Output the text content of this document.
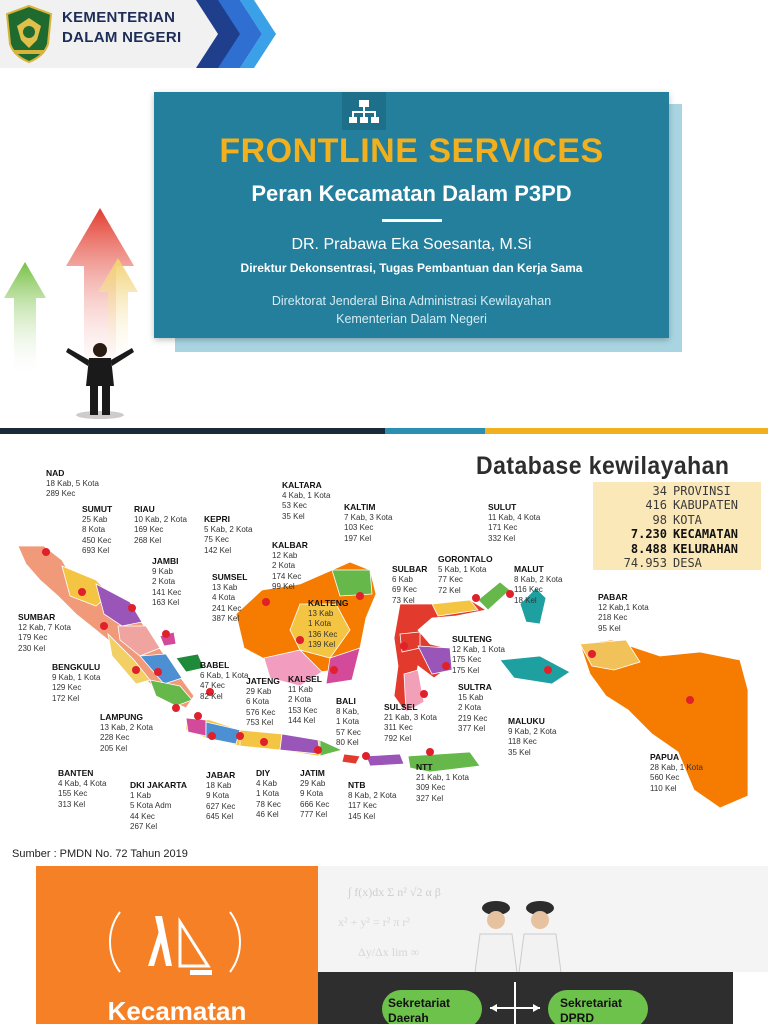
KEMENTERIAN
DALAM NEGERI
FRONTLINE SERVICES
Peran Kecamatan Dalam P3PD
DR. Prabawa Eka Soesanta, M.Si
Direktur Dekonsentrasi, Tugas Pembantuan dan Kerja Sama
Direktorat Jenderal Bina Administrasi Kewilayahan
Kementerian Dalam Negeri
Database kewilayahan
34 PROVINSI
416 KABUPATEN
98 KOTA
7.230 KECAMATAN
8.488 KELURAHAN
74.953 DESA
NAD
18 Kab, 5 Kota
289 Kec
SUMUT
25 Kab
8 Kota
450 Kec
693 Kel
RIAU
10 Kab, 2 Kota
169 Kec
268 Kel
KEPRI
5 Kab, 2 Kota
75 Kec
142 Kel
JAMBI
9 Kab
2 Kota
141 Kec
163 Kel
SUMSEL
13 Kab
4 Kota
241 Kec
387 Kel
SUMBAR
12 Kab, 7 Kota
179 Kec
230 Kel
BENGKULU
9 Kab, 1 Kota
129 Kec
172 Kel
BABEL
6 Kab, 1 Kota
47 Kec
82 Kel
LAMPUNG
13 Kab, 2 Kota
228 Kec
205 Kel
BANTEN
4 Kab, 4 Kota
155 Kec
313 Kel
DKI JAKARTA
1 Kab
5 Kota Adm
44 Kec
267 Kel
JABAR
18 Kab
9 Kota
627 Kec
645 Kel
DIY
4 Kab
1 Kota
78 Kec
46 Kel
JATENG
29 Kab
6 Kota
576 Kec
753 Kel
JATIM
29 Kab
9 Kota
666 Kec
777 Kel
KALBAR
12 Kab
2 Kota
174 Kec
99 Kel
KALTARA
4 Kab, 1 Kota
53 Kec
35 Kel
KALTIM
7 Kab, 3 Kota
103 Kec
197 Kel
KALTENG
13 Kab
1 Kota
136 Kec
139 Kel
KALSEL
11 Kab
2 Kota
153 Kec
144 Kel
BALI
8 Kab,
1 Kota
57 Kec
80 Kel
NTB
8 Kab, 2 Kota
117 Kec
145 Kel
NTT
21 Kab, 1 Kota
309 Kec
327 Kel
SULUT
11 Kab, 4 Kota
171 Kec
332 Kel
GORONTALO
5 Kab, 1 Kota
77 Kec
72 Kel
SULBAR
6 Kab
69 Kec
73 Kel
SULTENG
12 Kab, 1 Kota
175 Kec
175 Kel
SULSEL
21 Kab, 3 Kota
311 Kec
792 Kel
SULTRA
15 Kab
2 Kota
219 Kec
377 Kel
MALUT
8 Kab, 2 Kota
116 Kec
18 Kel
MALUKU
9 Kab, 2 Kota
118 Kec
35 Kel
PABAR
12 Kab,1 Kota
218 Kec
95 Kel
PAPUA
28 Kab, 1 Kota
560 Kec
110 Kel
Sumber : PMDN No. 72 Tahun 2019
∫ f(x)dx Σ n² √2 α β
x² + y² = r² π r²
Δy/Δx lim ∞
Kecamatan	Sekretariat
Daerah
Sekretariat
DPRD
